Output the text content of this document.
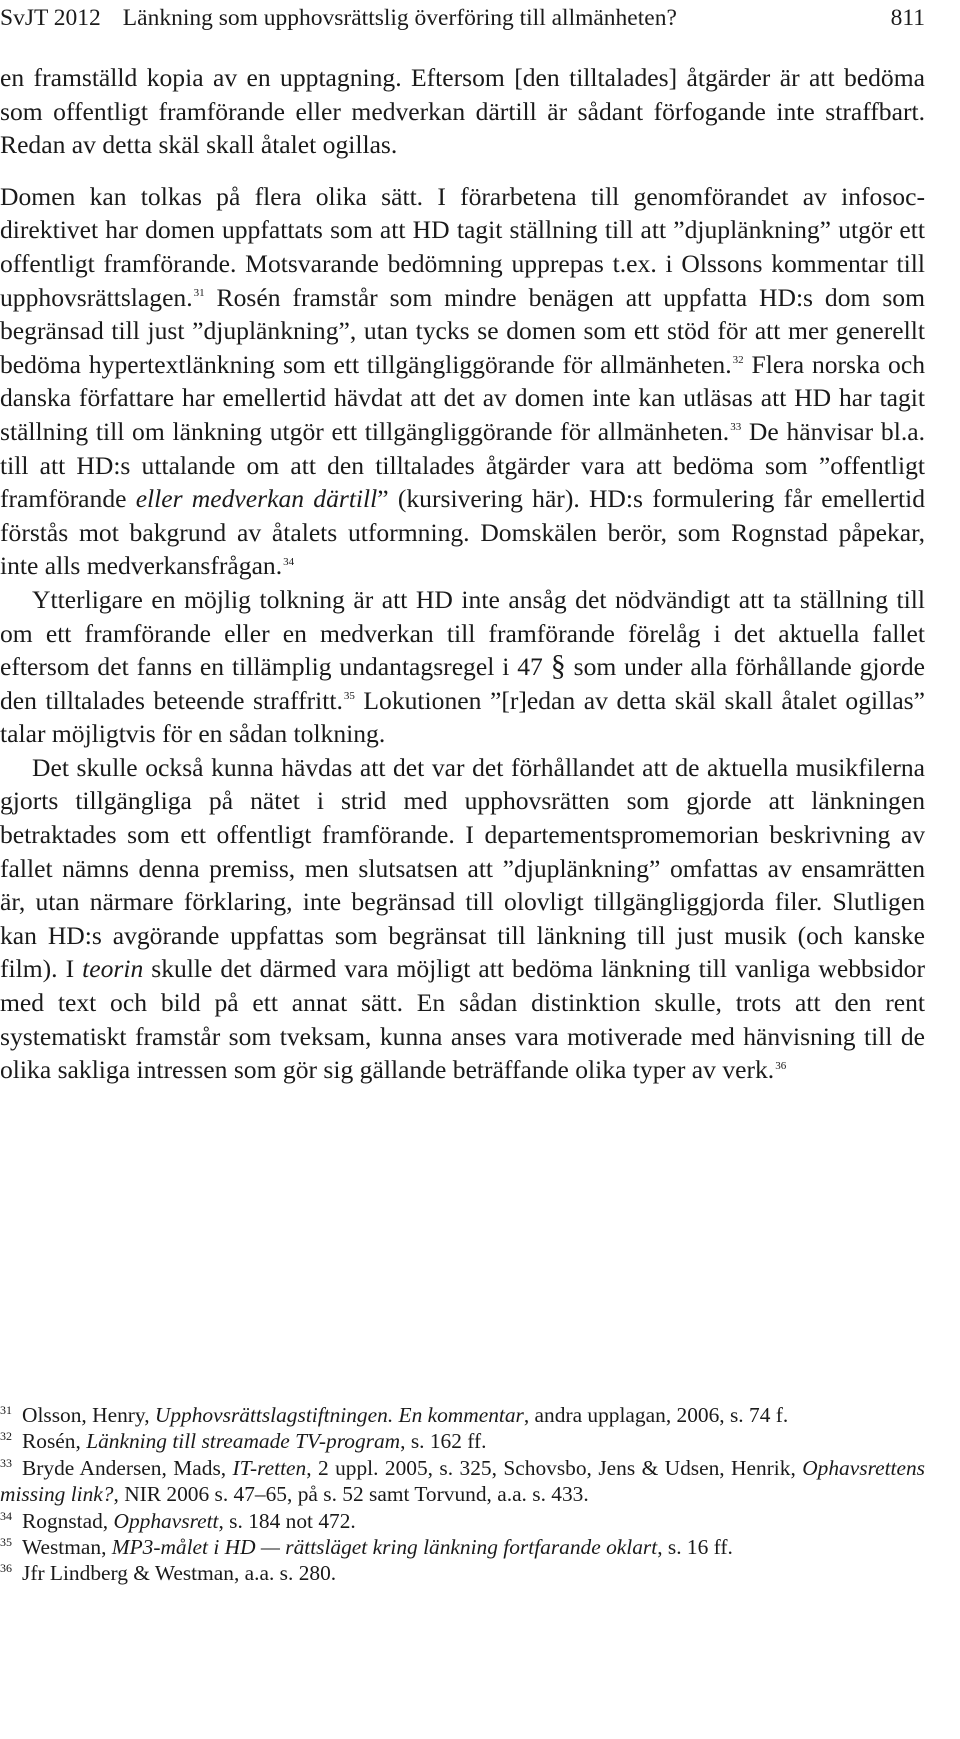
SvJT 2012 Länkning som upphovsrättslig överföring till allmänheten?	811

en framställd kopia av en upptagning. Eftersom [den tilltalades] åtgärder är att bedöma som offentligt framförande eller medverkan därtill är sådant förfogande inte straffbart. Redan av detta skäl skall åtalet ogillas.

Domen kan tolkas på flera olika sätt. I förarbetena till genomförandet av infosoc-direktivet har domen uppfattats som att HD tagit ställning till att ”djuplänkning” utgör ett offentligt framförande. Motsvarande bedömning upprepas t.ex. i Olssons kommentar till upphovsrättslagen.$^{31}$ Rosén framstår som mindre benägen att uppfatta HD:s dom som begränsad till just ”djuplänkning”, utan tycks se domen som ett stöd för att mer generellt bedöma hypertextlänkning som ett tillgängliggörande för allmänheten.$^{32}$ Flera norska och danska författare har emellertid hävdat att det av domen inte kan utläsas att HD har tagit ställning till om länkning utgör ett tillgängliggörande för allmänheten.$^{33}$ De hänvisar bl.a. till att HD:s uttalande om att den tilltalades åtgärder vara att bedöma som ”offentligt framförande eller medverkan därtill” (kursivering här). HD:s formulering får emellertid förstås mot bakgrund av åtalets utformning. Domskälen berör, som Rognstad påpekar, inte alls medverkansfrågan.$^{34}$

Ytterligare en möjlig tolkning är att HD inte ansåg det nödvändigt att ta ställning till om ett framförande eller en medverkan till framförande förelåg i det aktuella fallet eftersom det fanns en tillämplig undantagsregel i 47 § som under alla förhållande gjorde den tilltalades beteende straffritt.$^{35}$ Lokutionen ”[r]edan av detta skäl skall åtalet ogillas” talar möjligtvis för en sådan tolkning.

Det skulle också kunna hävdas att det var det förhållandet att de aktuella musikfilerna gjorts tillgängliga på nätet i strid med upphovsrätten som gjorde att länkningen betraktades som ett offentligt framförande. I departementspromemorian beskrivning av fallet nämns denna premiss, men slutsatsen att ”djuplänkning” omfattas av ensamrätten är, utan närmare förklaring, inte begränsad till olovligt tillgängliggjorda filer. Slutligen kan HD:s avgörande uppfattas som begränsat till länkning till just musik (och kanske film). I teorin skulle det därmed vara möjligt att bedöma länkning till vanliga webbsidor med text och bild på ett annat sätt. En sådan distinktion skulle, trots att den rent systematiskt framstår som tveksam, kunna anses vara motiverade med hänvisning till de olika sakliga intressen som gör sig gällande beträffande olika typer av verk.$^{36}$

31 Olsson, Henry, Upphovsrättslagstiftningen. En kommentar, andra upplagan, 2006, s. 74 f.

32 Rosén, Länkning till streamade TV-program, s. 162 ff.

33 Bryde Andersen, Mads, IT-retten, 2 uppl. 2005, s. 325, Schovsbo, Jens & Udsen, Henrik, Ophavsrettens missing link?, NIR 2006 s. 47–65, på s. 52 samt Torvund, a.a. s. 433.

34 Rognstad, Opphavsrett, s. 184 not 472.

35 Westman, MP3-målet i HD — rättsläget kring länkning fortfarande oklart, s. 16 ff.

36 Jfr Lindberg & Westman, a.a. s. 280.
